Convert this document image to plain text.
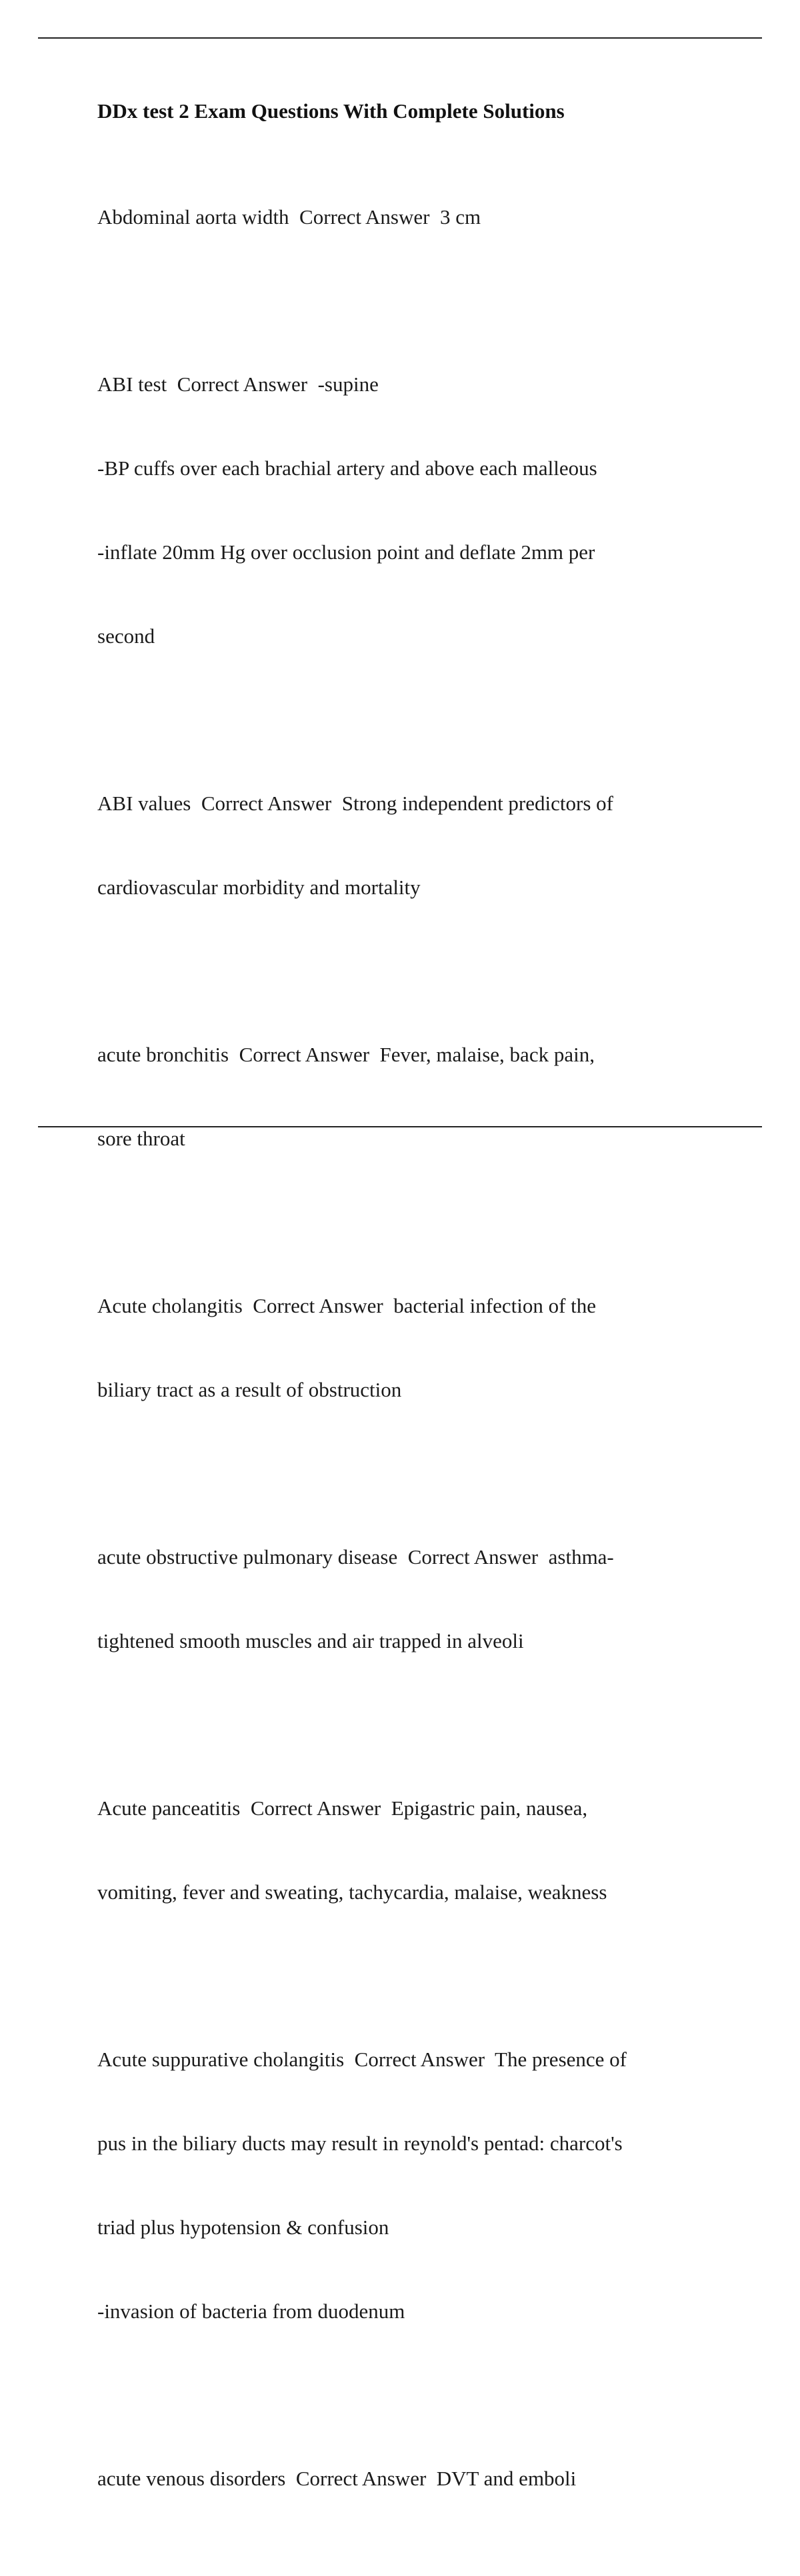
DDx test 2 Exam Questions With Complete Solutions

Abdominal aorta width  Correct Answer  3 cm

ABI test  Correct Answer  -supine

-BP cuffs over each brachial artery and above each malleous

-inflate 20mm Hg over occlusion point and deflate 2mm per

second

ABI values  Correct Answer  Strong independent predictors of

cardiovascular morbidity and mortality

acute bronchitis  Correct Answer  Fever, malaise, back pain,

sore throat

Acute cholangitis  Correct Answer  bacterial infection of the

biliary tract as a result of obstruction

acute obstructive pulmonary disease  Correct Answer  asthma-

tightened smooth muscles and air trapped in alveoli

Acute panceatitis  Correct Answer  Epigastric pain, nausea,

vomiting, fever and sweating, tachycardia, malaise, weakness

Acute suppurative cholangitis  Correct Answer  The presence of

pus in the biliary ducts may result in reynold's pentad: charcot's

triad plus hypotension & confusion

-invasion of bacteria from duodenum

acute venous disorders  Correct Answer  DVT and emboli
